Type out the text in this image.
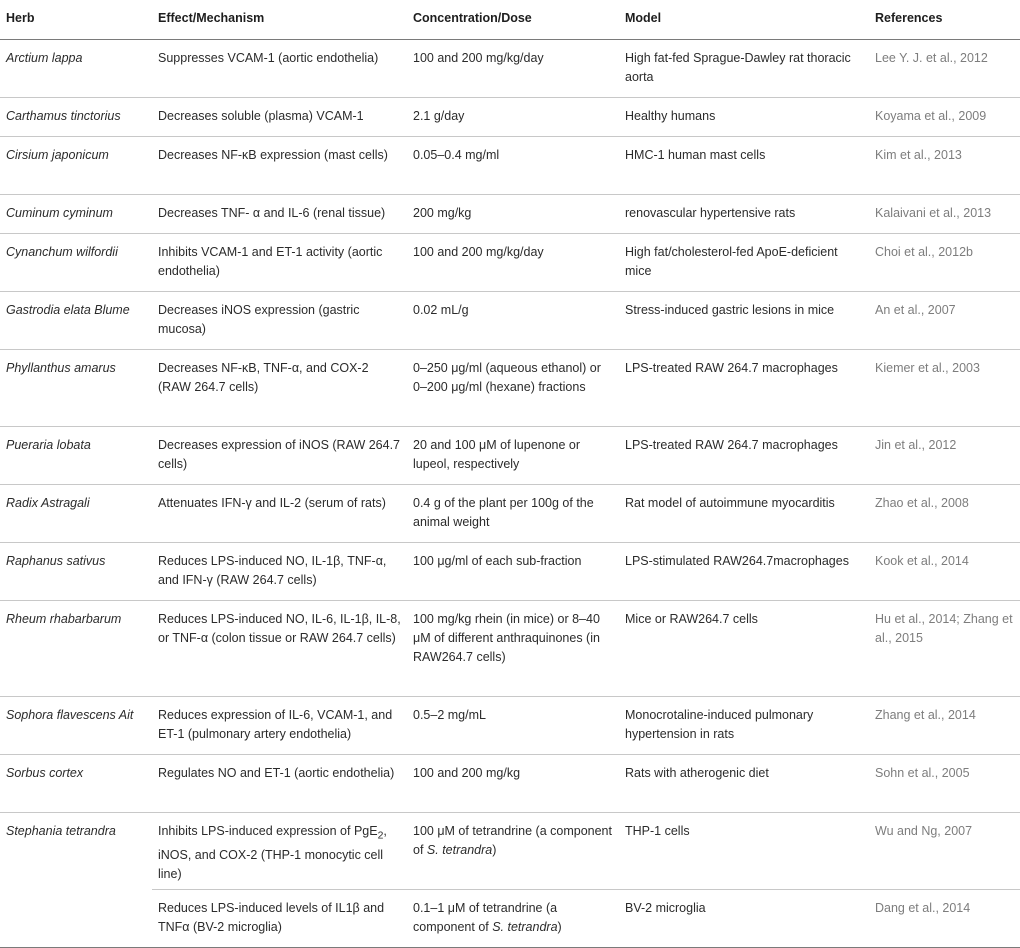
Herb	Effect/Mechanism	Concentration/Dose	Model	References
Arctium lappa	Suppresses VCAM-1 (aortic endothelia)	100 and 200 mg/kg/day	High fat-fed Sprague-Dawley rat thoracic aorta	Lee Y. J. et al., 2012
Carthamus tinctorius	Decreases soluble (plasma) VCAM-1	2.1 g/day	Healthy humans	Koyama et al., 2009
Cirsium japonicum	Decreases NF-κB expression (mast cells)	0.05–0.4 mg/ml	HMC-1 human mast cells	Kim et al., 2013
Cuminum cyminum	Decreases TNF- α and IL-6 (renal tissue)	200 mg/kg	renovascular hypertensive rats	Kalaivani et al., 2013
Cynanchum wilfordii	Inhibits VCAM-1 and ET-1 activity (aortic endothelia)	100 and 200 mg/kg/day	High fat/cholesterol-fed ApoE-deficient mice	Choi et al., 2012b
Gastrodia elata Blume	Decreases iNOS expression (gastric mucosa)	0.02 mL/g	Stress-induced gastric lesions in mice	An et al., 2007
Phyllanthus amarus	Decreases NF-κB, TNF-α, and COX-2 (RAW 264.7 cells)	0–250 μg/ml (aqueous ethanol) or 0–200 μg/ml (hexane) fractions	LPS-treated RAW 264.7 macrophages	Kiemer et al., 2003
Pueraria lobata	Decreases expression of iNOS (RAW 264.7 cells)	20 and 100 μM of lupenone or lupeol, respectively	LPS-treated RAW 264.7 macrophages	Jin et al., 2012
Radix Astragali	Attenuates IFN-γ and IL-2 (serum of rats)	0.4 g of the plant per 100g of the animal weight	Rat model of autoimmune myocarditis	Zhao et al., 2008
Raphanus sativus	Reduces LPS-induced NO, IL-1β, TNF-α, and IFN-γ (RAW 264.7 cells)	100 μg/ml of each sub-fraction	LPS-stimulated RAW264.7macrophages	Kook et al., 2014
Rheum rhabarbarum	Reduces LPS-induced NO, IL-6, IL-1β, IL-8, or TNF-α (colon tissue or RAW 264.7 cells)	100 mg/kg rhein (in mice) or 8–40 μM of different anthraquinones (in RAW264.7 cells)	Mice or RAW264.7 cells	Hu et al., 2014; Zhang et al., 2015
Sophora flavescens Ait	Reduces expression of IL-6, VCAM-1, and ET-1 (pulmonary artery endothelia)	0.5–2 mg/mL	Monocrotaline-induced pulmonary hypertension in rats	Zhang et al., 2014
Sorbus cortex	Regulates NO and ET-1 (aortic endothelia)	100 and 200 mg/kg	Rats with atherogenic diet	Sohn et al., 2005
Stephania tetrandra	Inhibits LPS-induced expression of PgE$_2$, iNOS, and COX-2 (THP-1 monocytic cell line)	100 μM of tetrandrine (a component of S. tetrandra)	THP-1 cells	Wu and Ng, 2007
	Reduces LPS-induced levels of IL1β and TNFα (BV-2 microglia)	0.1–1 μM of tetrandrine (a component of S. tetrandra)	BV-2 microglia	Dang et al., 2014
